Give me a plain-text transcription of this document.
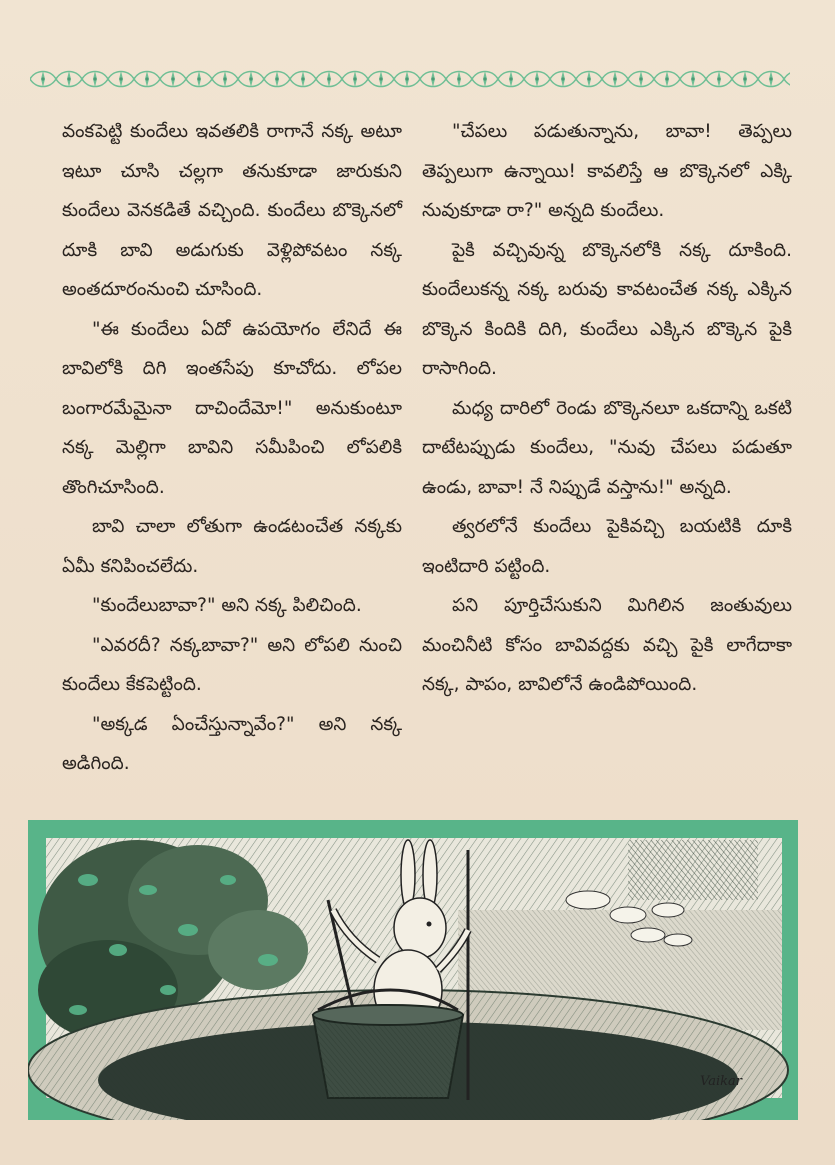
వంకపెట్టి కుందేలు ఇవతలికి రాగానే నక్క అటూ ఇటూ చూసి చల్లగా తనుకూడా జారుకుని కుందేలు వెనకడితే వచ్చింది. కుందేలు బొక్కెనలో దూకి బావి అడుగుకు వెళ్లిపోవటం నక్క అంతదూరంనుంచి చూసింది.

"ఈ కుందేలు ఏదో ఉపయోగం లేనిదే ఈ బావిలోకి దిగి ఇంతసేపు కూచోదు. లోపల బంగారమేమైనా దాచిందేమో!" అనుకుంటూ నక్క మెల్లిగా బావిని సమీపించి లోపలికి తొంగిచూసింది.

బావి చాలా లోతుగా ఉండటంచేత నక్కకు ఏమీ కనిపించలేదు.

"కుందేలుబావా?" అని నక్క పిలిచింది.

"ఎవరదీ? నక్కబావా?" అని లోపలి నుంచి కుందేలు కేకపెట్టింది.

"అక్కడ ఏంచేస్తున్నావేం?" అని నక్క అడిగింది.

"చేపలు పడుతున్నాను, బావా! తెప్పలు తెప్పలుగా ఉన్నాయి! కావలిస్తే ఆ బొక్కెనలో ఎక్కి నువుకూడా రా?" అన్నది కుందేలు.

పైకి వచ్చివున్న బొక్కెనలోకి నక్క దూకింది. కుందేలుకన్న నక్క బరువు కావటంచేత నక్క ఎక్కిన బొక్కెన కిందికి దిగి, కుందేలు ఎక్కిన బొక్కెన పైకి రాసాగింది.

మధ్య దారిలో రెండు బొక్కెనలూ ఒకదాన్ని ఒకటి దాటేటప్పుడు కుందేలు, "నువు చేపలు పడుతూ ఉండు, బావా! నే నిప్పుడే వస్తాను!" అన్నది.

త్వరలోనే కుందేలు పైకివచ్చి బయటికి దూకి ఇంటిదారి పట్టింది.

పని పూర్తిచేసుకుని మిగిలిన జంతువులు మంచినీటి కోసం బావివద్దకు వచ్చి పైకి లాగేదాకా నక్క, పాపం, బావిలోనే ఉండిపోయింది.

Vaikar
